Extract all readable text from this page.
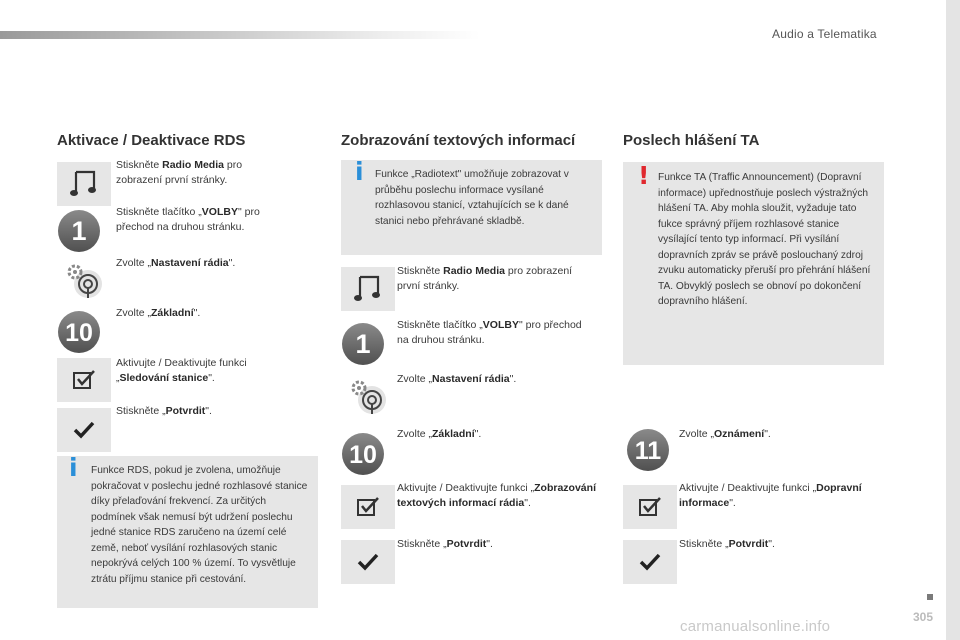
Audio a Telematika
Aktivace / Deaktivace RDS
Stiskněte Radio Media pro zobrazení první stránky.
1
Stiskněte tlačítko „VOLBY" pro přechod na druhou stránku.
Zvolte „Nastavení rádia".
10
Zvolte „Základní".
Aktivujte / Deaktivujte funkci „Sledování stanice".
Stiskněte „Potvrdit".
i Funkce RDS, pokud je zvolena, umožňuje pokračovat v poslechu jedné rozhlasové stanice díky přelaďování frekvencí. Za určitých podmínek však nemusí být udržení poslechu jedné stanice RDS zaručeno na území celé země, neboť vysílání rozhlasových stanic nepokrývá celých 100 % území. To vysvětluje ztrátu příjmu stanice při cestování.
Zobrazování textových informací
i Funkce „Radiotext" umožňuje zobrazovat v průběhu poslechu informace vysílané rozhlasovou stanicí, vztahujících se k dané stanici nebo přehrávané skladbě.
Stiskněte Radio Media pro zobrazení první stránky.
1
Stiskněte tlačítko „VOLBY" pro přechod na druhou stránku.
Zvolte „Nastavení rádia".
10
Zvolte „Základní".
Aktivujte / Deaktivujte funkci „Zobrazování textových informací rádia".
Stiskněte „Potvrdit".
Poslech hlášení TA
! Funkce TA (Traffic Announcement) (Dopravní informace) upřednostňuje poslech výstražných hlášení TA. Aby mohla sloužit, vyžaduje tato fukce správný příjem rozhlasové stanice vysílající tento typ informací. Při vysílání dopravních zpráv se právě poslouchaný zdroj zvuku automaticky přeruší pro přehrání hlášení TA. Obvyklý poslech se obnoví po dokončení dopravního hlášení.
11
Zvolte „Oznámení".
Aktivujte / Deaktivujte funkci „Dopravní informace".
Stiskněte „Potvrdit".
305
carmanualsonline.info
